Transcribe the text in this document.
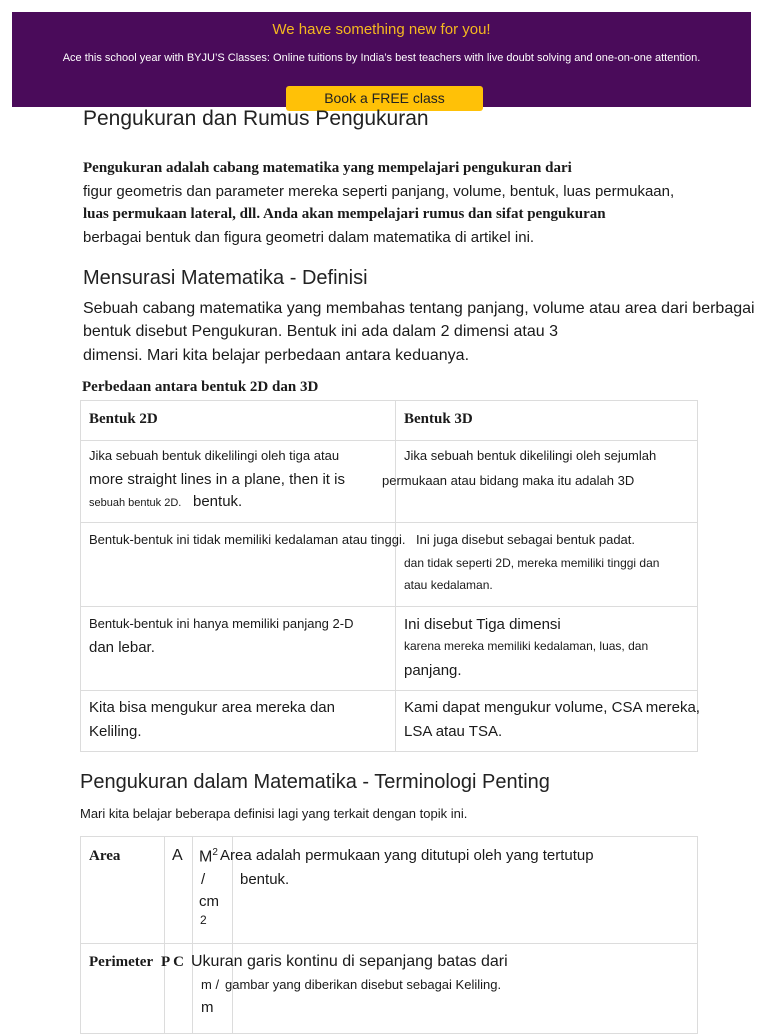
We have something new for you!
Ace this school year with BYJU’S Classes: Online tuitions by India’s best teachers with live doubt solving and one-on-one attention.
Book a FREE class
Pengukuran dan Rumus Pengukuran
Pengukuran adalah cabang matematika yang mempelajari pengukuran dari
figur geometris dan parameter mereka seperti panjang, volume, bentuk, luas permukaan,
luas permukaan lateral, dll. Anda akan mempelajari rumus dan sifat pengukuran
berbagai bentuk dan figura geometri dalam matematika di artikel ini.
Mensurasi Matematika - Definisi
Sebuah cabang matematika yang membahas tentang panjang, volume atau area dari berbagai
bentuk disebut Pengukuran. Bentuk ini ada dalam 2 dimensi atau 3
dimensi. Mari kita belajar perbedaan antara keduanya.
Perbedaan antara bentuk 2D dan 3D
Bentuk 2D	Bentuk 3D

Jika sebuah bentuk dikelilingi oleh tiga atau
more straight lines in a plane, then it is
sebuah bentuk 2D. bentuk.	Jika sebuah bentuk dikelilingi oleh sejumlah
permukaan atau bidang maka itu adalah 3D

Bentuk-bentuk ini tidak memiliki kedalaman atau tinggi.	Ini juga disebut sebagai bentuk padat.
dan tidak seperti 2D, mereka memiliki tinggi dan
atau kedalaman.

Bentuk-bentuk ini hanya memiliki panjang 2-D
dan lebar.	Ini disebut Tiga dimensi
karena mereka memiliki kedalaman, luas, dan
panjang.

Kita bisa mengukur area mereka dan
Keliling.	Kami dapat mengukur volume, CSA mereka,
LSA atau TSA.
Pengukuran dalam Matematika - Terminologi Penting
Mari kita belajar beberapa definisi lagi yang terkait dengan topik ini.
Area	A	$M^2$
/
cm
2	Area adalah permukaan yang ditutupi oleh yang tertutup
bentuk.

Perimeter	P C	m /
m	Ukuran garis kontinu di sepanjang batas dari
gambar yang diberikan disebut sebagai Keliling.
